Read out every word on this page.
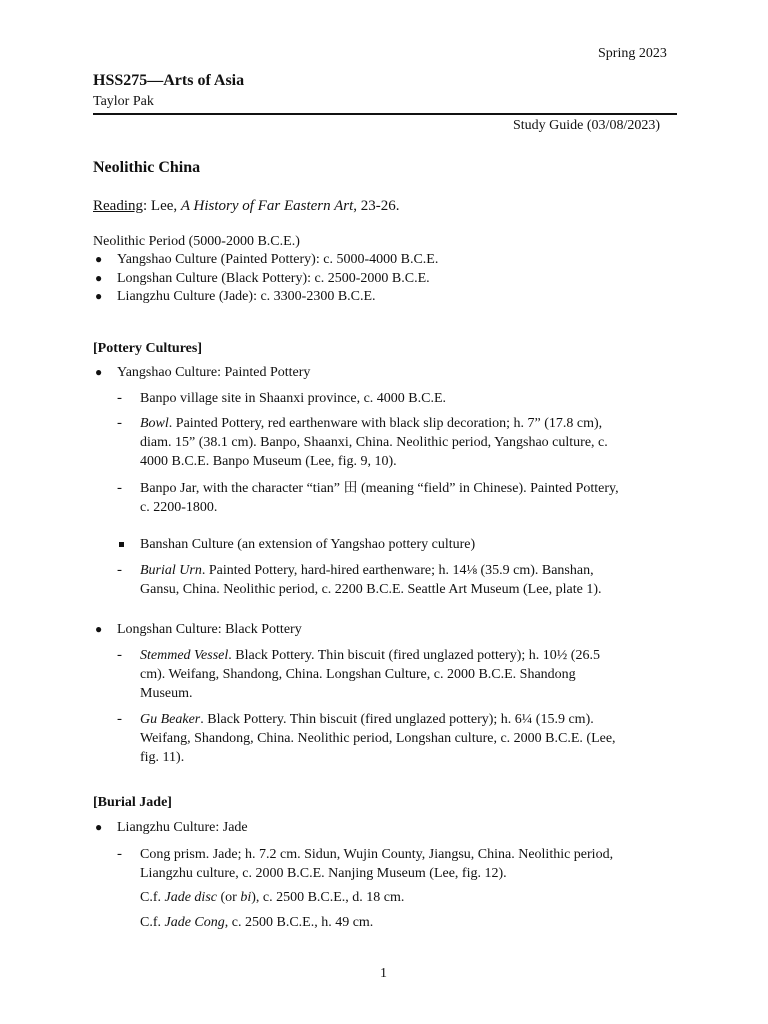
Spring 2023
HSS275—Arts of Asia
Taylor Pak
Study Guide (03/08/2023)
Neolithic China
Reading: Lee, A History of Far Eastern Art, 23-26.
Neolithic Period (5000-2000 B.C.E.)
● Yangshao Culture (Painted Pottery): c. 5000-4000 B.C.E.
● Longshan Culture (Black Pottery): c. 2500-2000 B.C.E.
● Liangzhu Culture (Jade): c. 3300-2300 B.C.E.
[Pottery Cultures]
● Yangshao Culture: Painted Pottery
- Banpo village site in Shaanxi province, c. 4000 B.C.E.
- Bowl. Painted Pottery, red earthenware with black slip decoration; h. 7” (17.8 cm),
diam. 15” (38.1 cm). Banpo, Shaanxi, China. Neolithic period, Yangshao culture, c.
4000 B.C.E. Banpo Museum (Lee, fig. 9, 10).
- Banpo Jar, with the character “tian” 田 (meaning “field” in Chinese). Painted Pottery,
c. 2200-1800.
Banshan Culture (an extension of Yangshao pottery culture)
- Burial Urn. Painted Pottery, hard-hired earthenware; h. 14⅛ (35.9 cm). Banshan,
Gansu, China. Neolithic period, c. 2200 B.C.E. Seattle Art Museum (Lee, plate 1).
● Longshan Culture: Black Pottery
- Stemmed Vessel. Black Pottery. Thin biscuit (fired unglazed pottery); h. 10½ (26.5
cm). Weifang, Shandong, China. Longshan Culture, c. 2000 B.C.E. Shandong
Museum.
- Gu Beaker. Black Pottery. Thin biscuit (fired unglazed pottery); h. 6¼ (15.9 cm).
Weifang, Shandong, China. Neolithic period, Longshan culture, c. 2000 B.C.E. (Lee,
fig. 11).
[Burial Jade]
● Liangzhu Culture: Jade
- Cong prism. Jade; h. 7.2 cm. Sidun, Wujin County, Jiangsu, China. Neolithic period,
Liangzhu culture, c. 2000 B.C.E. Nanjing Museum (Lee, fig. 12).
C.f. Jade disc (or bi), c. 2500 B.C.E., d. 18 cm.
C.f. Jade Cong, c. 2500 B.C.E., h. 49 cm.
1
